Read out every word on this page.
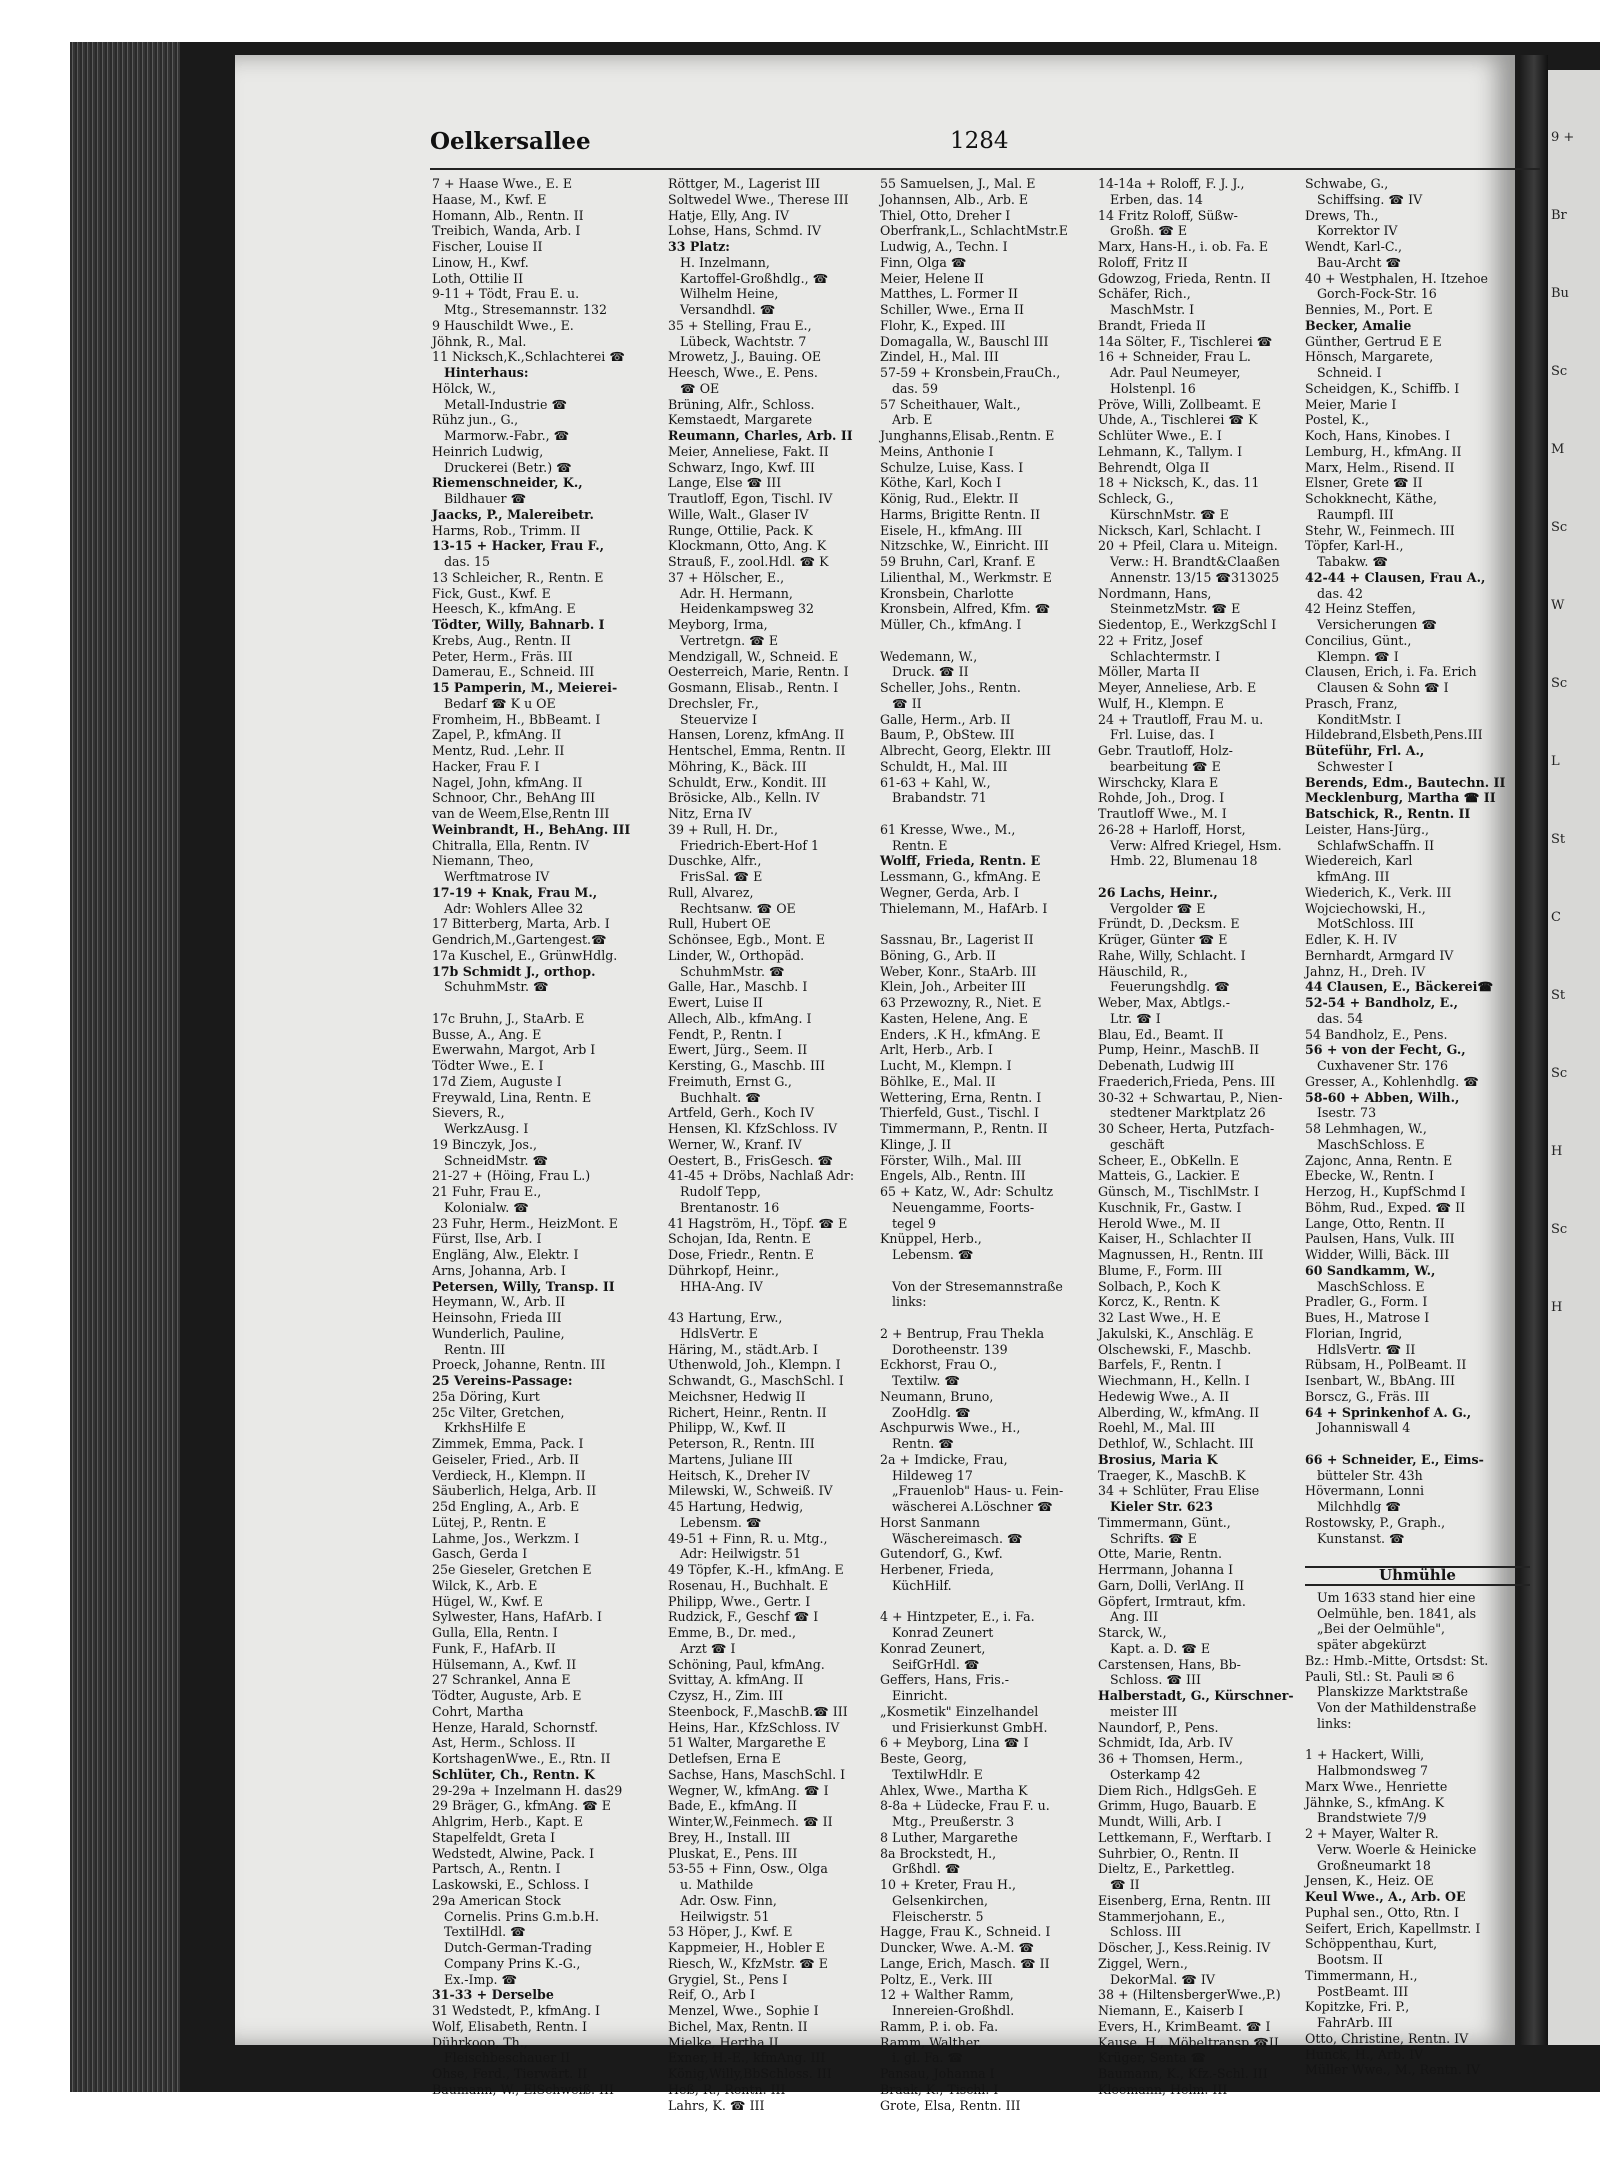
9 +
Br
Bu
Sc
M
Sc
W
Sc
L
St
C
St
Sc
H
Sc
H
Oelkersallee	1284
7 + Haase Wwe., E. E
Haase, M., Kwf. E
Homann, Alb., Rentn. II
Treibich, Wanda, Arb. I
Fischer, Louise II
Linow, H., Kwf.
Loth, Ottilie II
9-11 + Tödt, Frau E. u.
Mtg., Stresemannstr. 132
9 Hauschildt Wwe., E.
Jöhnk, R., Mal.
11 Nicksch,K.,Schlachterei ☎
Hinterhaus:
Hölck, W.,
Metall-Industrie ☎
Rühz jun., G.,
Marmorw.-Fabr., ☎
Heinrich Ludwig,
Druckerei (Betr.) ☎
Riemenschneider, K.,
Bildhauer ☎
Jaacks, P., Malereibetr.
Harms, Rob., Trimm. II
13-15 + Hacker, Frau F.,
das. 15
13 Schleicher, R., Rentn. E
Fick, Gust., Kwf. E
Heesch, K., kfmAng. E
Tödter, Willy, Bahnarb. I
Krebs, Aug., Rentn. II
Peter, Herm., Fräs. III
Damerau, E., Schneid. III
15 Pamperin, M., Meierei-
Bedarf ☎ K u OE
Fromheim, H., BbBeamt. I
Zapel, P., kfmAng. II
Mentz, Rud. ,Lehr. II
Hacker, Frau F. I
Nagel, John, kfmAng. II
Schnoor, Chr., BehAng III
van de Weem,Else,Rentn III
Weinbrandt, H., BehAng. III
Chitralla, Ella, Rentn. IV
Niemann, Theo,
Werftmatrose IV
17-19 + Knak, Frau M.,
Adr: Wohlers Allee 32
17 Bitterberg, Marta, Arb. I
Gendrich,M.,Gartengest.☎
17a Kuschel, E., GrünwHdlg.
17b Schmidt J., orthop.
SchuhmMstr. ☎

17c Bruhn, J., StaArb. E
Busse, A., Ang. E
Ewerwahn, Margot, Arb I
Tödter Wwe., E. I
17d Ziem, Auguste I
Freywald, Lina, Rentn. E
Sievers, R.,
WerkzAusg. I
19 Binczyk, Jos.,
SchneidMstr. ☎
21-27 + (Höing, Frau L.)
21 Fuhr, Frau E.,
Kolonialw. ☎
23 Fuhr, Herm., HeizMont. E
Fürst, Ilse, Arb. I
Engläng, Alw., Elektr. I
Arns, Johanna, Arb. I
Petersen, Willy, Transp. II
Heymann, W., Arb. II
Heinsohn, Frieda III
Wunderlich, Pauline,
Rentn. III
Proeck, Johanne, Rentn. III
25 Vereins-Passage:
25a Döring, Kurt
25c Vilter, Gretchen,
KrkhsHilfe E
Zimmek, Emma, Pack. I
Geiseler, Fried., Arb. II
Verdieck, H., Klempn. II
Säuberlich, Helga, Arb. II
25d Engling, A., Arb. E
Lütej, P., Rentn. E
Lahme, Jos., Werkzm. I
Gasch, Gerda I
25e Gieseler, Gretchen E
Wilck, K., Arb. E
Hügel, W., Kwf. E
Sylwester, Hans, HafArb. I
Gulla, Ella, Rentn. I
Funk, F., HafArb. II
Hülsemann, A., Kwf. II
27 Schrankel, Anna E
Tödter, Auguste, Arb. E
Cohrt, Martha
Henze, Harald, Schornstf.
Ast, Herm., Schloss. II
KortshagenWwe., E., Rtn. II
Schlüter, Ch., Rentn. K
29-29a + Inzelmann H. das29
29 Bräger, G., kfmAng. ☎ E
Ahlgrim, Herb., Kapt. E
Stapelfeldt, Greta I
Wedstedt, Alwine, Pack. I
Partsch, A., Rentn. I
Laskowski, E., Schloss. I
29a American Stock
Cornelis. Prins G.m.b.H.
TextilHdl. ☎
Dutch-German-Trading
Company Prins K.-G.,
Ex.-Imp. ☎
31-33 + Derselbe
31 Wedstedt, P., kfmAng. I
Wolf, Elisabeth, Rentn. I
Dührkoop, Th.,
Fleischbeschauer II
Ohse, Ferd., Tierwärt. II
Baumann, W., ElSchweiß. III
Röttger, M., Lagerist III
Soltwedel Wwe., Therese III
Hatje, Elly, Ang. IV
Lohse, Hans, Schmd. IV
33 Platz:
H. Inzelmann,
Kartoffel-Großhdlg., ☎
Wilhelm Heine,
Versandhdl. ☎
35 + Stelling, Frau E.,
Lübeck, Wachtstr. 7
Mrowetz, J., Bauing. OE
Heesch, Wwe., E. Pens.
☎ OE
Brüning, Alfr., Schloss.
Kemstaedt, Margarete
Reumann, Charles, Arb. II
Meier, Anneliese, Fakt. II
Schwarz, Ingo, Kwf. III
Lange, Else ☎ III
Trautloff, Egon, Tischl. IV
Wille, Walt., Glaser IV
Runge, Ottilie, Pack. K
Klockmann, Otto, Ang. K
Strauß, F., zool.Hdl. ☎ K
37 + Hölscher, E.,
Adr. H. Hermann,
Heidenkampsweg 32
Meyborg, Irma,
Vertretgn. ☎ E
Mendzigall, W., Schneid. E
Oesterreich, Marie, Rentn. I
Gosmann, Elisab., Rentn. I
Drechsler, Fr.,
Steuervize I
Hansen, Lorenz, kfmAng. II
Hentschel, Emma, Rentn. II
Möhring, K., Bäck. III
Schuldt, Erw., Kondit. III
Brösicke, Alb., Kelln. IV
Nitz, Erna IV
39 + Rull, H. Dr.,
Friedrich-Ebert-Hof 1
Duschke, Alfr.,
FrisSal. ☎ E
Rull, Alvarez,
Rechtsanw. ☎ OE
Rull, Hubert OE
Schönsee, Egb., Mont. E
Linder, W., Orthopäd.
SchuhmMstr. ☎
Galle, Har., Maschb. I
Ewert, Luise II
Allech, Alb., kfmAng. I
Fendt, P., Rentn. I
Ewert, Jürg., Seem. II
Kersting, G., Maschb. III
Freimuth, Ernst G.,
Buchhalt. ☎
Artfeld, Gerh., Koch IV
Hensen, Kl. KfzSchloss. IV
Werner, W., Kranf. IV
Oestert, B., FrisGesch. ☎
41-45 + Dröbs, Nachlaß Adr:
Rudolf Tepp,
Brentanostr. 16
41 Hagström, H., Töpf. ☎ E
Schojan, Ida, Rentn. E
Dose, Friedr., Rentn. E
Dührkopf, Heinr.,
HHA-Ang. IV

43 Hartung, Erw.,
HdlsVertr. E
Häring, M., städt.Arb. I
Uthenwold, Joh., Klempn. I
Schwandt, G., MaschSchl. I
Meichsner, Hedwig II
Richert, Heinr., Rentn. II
Philipp, W., Kwf. II
Peterson, R., Rentn. III
Martens, Juliane III
Heitsch, K., Dreher IV
Milewski, W., Schweiß. IV
45 Hartung, Hedwig,
Lebensm. ☎
49-51 + Finn, R. u. Mtg.,
Adr: Heilwigstr. 51
49 Töpfer, K.-H., kfmAng. E
Rosenau, H., Buchhalt. E
Philipp, Wwe., Gertr. I
Rudzick, F., Geschf ☎ I
Emme, B., Dr. med.,
Arzt ☎ I
Schöning, Paul, kfmAng.
Svittay, A. kfmAng. II
Czysz, H., Zim. III
Steenbock, F.,MaschB.☎ III
Heins, Har., KfzSchloss. IV
51 Walter, Margarethe E
Detlefsen, Erna E
Sachse, Hans, MaschSchl. I
Wegner, W., kfmAng. ☎ I
Bade, E., kfmAng. II
Winter,W.,Feinmech. ☎ II
Brey, H., Install. III
Pluskat, E., Pens. III
53-55 + Finn, Osw., Olga
u. Mathilde
Adr. Osw. Finn,
Heilwigstr. 51
53 Höper, J., Kwf. E
Kappmeier, H., Hobler E
Riesch, W., KfzMstr. ☎ E
Grygiel, St., Pens I
Reif, O., Arb I
Menzel, Wwe., Sophie I
Bichel, Max, Rentn. II
Mielke, Hertha II
Exner, H.-E., kfmAng. III
König,Willy,BbSchloss. III
Heß, R., Rentn. III
Lahrs, K. ☎ III
55 Samuelsen, J., Mal. E
Johannsen, Alb., Arb. E
Thiel, Otto, Dreher I
Oberfrank,L., SchlachtMstr.E
Ludwig, A., Techn. I
Finn, Olga ☎
Meier, Helene II
Matthes, L. Former II
Schiller, Wwe., Erna II
Flohr, K., Exped. III
Domagalla, W., Bauschl III
Zindel, H., Mal. III
57-59 + Kronsbein,FrauCh.,
das. 59
57 Scheithauer, Walt.,
Arb. E
Junghanns,Elisab.,Rentn. E
Meins, Anthonie I
Schulze, Luise, Kass. I
Köthe, Karl, Koch I
König, Rud., Elektr. II
Harms, Brigitte Rentn. II
Eisele, H., kfmAng. III
Nitzschke, W., Einricht. III
59 Bruhn, Carl, Kranf. E
Lilienthal, M., Werkmstr. E
Kronsbein, Charlotte
Kronsbein, Alfred, Kfm. ☎
Müller, Ch., kfmAng. I

Wedemann, W.,
Druck. ☎ II
Scheller, Johs., Rentn.
☎ II
Galle, Herm., Arb. II
Baum, P., ObStew. III
Albrecht, Georg, Elektr. III
Schuldt, H., Mal. III
61-63 + Kahl, W.,
Brabandstr. 71

61 Kresse, Wwe., M.,
Rentn. E
Wolff, Frieda, Rentn. E
Lessmann, G., kfmAng. E
Wegner, Gerda, Arb. I
Thielemann, M., HafArb. I

Sassnau, Br., Lagerist II
Böning, G., Arb. II
Weber, Konr., StaArb. III
Klein, Joh., Arbeiter III
63 Przewozny, R., Niet. E
Kasten, Helene, Ang. E
Enders, .K H., kfmAng. E
Arlt, Herb., Arb. I
Lucht, M., Klempn. I
Böhlke, E., Mal. II
Wettering, Erna, Rentn. I
Thierfeld, Gust., Tischl. I
Timmermann, P., Rentn. II
Klinge, J. II
Förster, Wilh., Mal. III
Engels, Alb., Rentn. III
65 + Katz, W., Adr: Schultz
Neuengamme, Foorts-
tegel 9
Knüppel, Herb.,
Lebensm. ☎

Von der Stresemannstraße
links:

2 + Bentrup, Frau Thekla
Dorotheenstr. 139
Eckhorst, Frau O.,
Textilw. ☎
Neumann, Bruno,
ZooHdlg. ☎
Aschpurwis Wwe., H.,
Rentn. ☎
2a + Imdicke, Frau,
Hildeweg 17
„Frauenlob" Haus- u. Fein-
wäscherei A.Löschner ☎
Horst Sanmann
Wäschereimasch. ☎
Gutendorf, G., Kwf.
Herbener, Frieda,
KüchHilf.

4 + Hintzpeter, E., i. Fa.
Konrad Zeunert
Konrad Zeunert,
SeifGrHdl. ☎
Geffers, Hans, Fris.-
Einricht.
„Kosmetik" Einzelhandel
und Frisierkunst GmbH.
6 + Meyborg, Lina ☎ I
Beste, Georg,
TextilwHdlr. E
Ahlex, Wwe., Martha K
8-8a + Lüdecke, Frau F. u.
Mtg., Preußerstr. 3
8 Luther, Margarethe
8a Brockstedt, H.,
Grßhdl. ☎
10 + Kreter, Frau H.,
Gelsenkirchen,
Fleischerstr. 5
Hagge, Frau K., Schneid. I
Duncker, Wwe. A.-M. ☎
Lange, Erich, Masch. ☎ II
Poltz, E., Verk. III
12 + Walther Ramm,
Innereien-Großhdl.
Ramm, P. i. ob. Fa.
Ramm, Walther,
i. gl. Fa. ☎
Pansau, Johanna I
Braak, K., Tischl. I
Grote, Elsa, Rentn. III
14-14a + Roloff, F. J. J.,
Erben, das. 14
14 Fritz Roloff, Süßw-
Großh. ☎ E
Marx, Hans-H., i. ob. Fa. E
Roloff, Fritz II
Gdowzog, Frieda, Rentn. II
Schäfer, Rich.,
MaschMstr. I
Brandt, Frieda II
14a Sölter, F., Tischlerei ☎
16 + Schneider, Frau L.
Adr. Paul Neumeyer,
Holstenpl. 16
Pröve, Willi, Zollbeamt. E
Uhde, A., Tischlerei ☎ K
Schlüter Wwe., E. I
Lehmann, K., Tallym. I
Behrendt, Olga II
18 + Nicksch, K., das. 11
Schleck, G.,
KürschnMstr. ☎ E
Nicksch, Karl, Schlacht. I
20 + Pfeil, Clara u. Miteign.
Verw.: H. Brandt&Claaßen
Annenstr. 13/15 ☎313025
Nordmann, Hans,
SteinmetzMstr. ☎ E
Siedentop, E., WerkzgSchl I
22 + Fritz, Josef
Schlachtermstr. I
Möller, Marta II
Meyer, Anneliese, Arb. E
Wulf, H., Klempn. E
24 + Trautloff, Frau M. u.
Frl. Luise, das. I
Gebr. Trautloff, Holz-
bearbeitung ☎ E
Wirschcky, Klara E
Rohde, Joh., Drog. I
Trautloff Wwe., M. I
26-28 + Harloff, Horst,
Verw: Alfred Kriegel, Hsm.
Hmb. 22, Blumenau 18

26 Lachs, Heinr.,
Vergolder ☎ E
Fründt, D. ,Decksm. E
Krüger, Günter ☎ E
Rahe, Willy, Schlacht. I
Häuschild, R.,
Feuerungshdlg. ☎
Weber, Max, Abtlgs.-
Ltr. ☎ I
Blau, Ed., Beamt. II
Pump, Heinr., MaschB. II
Debenath, Ludwig III
Fraederich,Frieda, Pens. III
30-32 + Schwartau, P., Nien-
stedtener Marktplatz 26
30 Scheer, Herta, Putzfach-
geschäft
Scheer, E., ObKelln. E
Matteis, G., Lackier. E
Günsch, M., TischlMstr. I
Kuschnik, Fr., Gastw. I
Herold Wwe., M. II
Kaiser, H., Schlachter II
Magnussen, H., Rentn. III
Blume, F., Form. III
Solbach, P., Koch K
Korcz, K., Rentn. K
32 Last Wwe., H. E
Jakulski, K., Anschläg. E
Olschewski, F., Maschb.
Barfels, F., Rentn. I
Wiechmann, H., Kelln. I
Hedewig Wwe., A. II
Alberding, W., kfmAng. II
Roehl, M., Mal. III
Dethlof, W., Schlacht. III
Brosius, Maria K
Traeger, K., MaschB. K
34 + Schlüter, Frau Elise
Kieler Str. 623
Timmermann, Günt.,
Schrifts. ☎ E
Otte, Marie, Rentn.
Herrmann, Johanna I
Garn, Dolli, VerlAng. II
Göpfert, Irmtraut, kfm.
Ang. III
Starck, W.,
Kapt. a. D. ☎ E
Carstensen, Hans, Bb-
Schloss. ☎ III
Halberstadt, G., Kürschner-
meister III
Naundorf, P., Pens.
Schmidt, Ida, Arb. IV
36 + Thomsen, Herm.,
Osterkamp 42
Diem Rich., HdlgsGeh. E
Grimm, Hugo, Bauarb. E
Mundt, Willi, Arb. I
Lettkemann, F., Werftarb. I
Suhrbier, O., Rentn. II
Dieltz, E., Parkettleg.
☎ II
Eisenberg, Erna, Rentn. III
Stammerjohann, E.,
Schloss. III
Döscher, J., Kess.Reinig. IV
Ziggel, Wern.,
DekorMal. ☎ IV
38 + (HiltensbergerWwe.,P.)
Niemann, E., Kaiserb I
Evers, H., KrimBeamt. ☎ I
Kause, H., Möbeltransp.☎II
Krüger, Senta ☎
Baumann, K., Kfz.-Schl. III
Kleemann, Helm. III
Schwabe, G.,
Schiffsing. ☎ IV
Drews, Th.,
Korrektor IV
Wendt, Karl-C.,
Bau-Archt ☎
40 + Westphalen, H. Itzehoe
Gorch-Fock-Str. 16
Bennies, M., Port. E
Becker, Amalie
Günther, Gertrud E E
Hönsch, Margarete,
Schneid. I
Scheidgen, K., Schiffb. I
Meier, Marie I
Postel, K.,
Koch, Hans, Kinobes. I
Lemburg, H., kfmAng. II
Marx, Helm., Risend. II
Elsner, Grete ☎ II
Schokknecht, Käthe,
Raumpfl. III
Stehr, W., Feinmech. III
Töpfer, Karl-H.,
Tabakw. ☎
42-44 + Clausen, Frau A.,
das. 42
42 Heinz Steffen,
Versicherungen ☎
Concilius, Günt.,
Klempn. ☎ I
Clausen, Erich, i. Fa. Erich
Clausen & Sohn ☎ I
Prasch, Franz,
KonditMstr. I
Hildebrand,Elsbeth,Pens.III
Büteführ, Frl. A.,
Schwester I
Berends, Edm., Bautechn. II
Mecklenburg, Martha ☎ II
Batschick, R., Rentn. II
Leister, Hans-Jürg.,
SchlafwSchaffn. II
Wiedereich, Karl
kfmAng. III
Wiederich, K., Verk. III
Wojciechowski, H.,
MotSchloss. III
Edler, K. H. IV
Bernhardt, Armgard IV
Jahnz, H., Dreh. IV
44 Clausen, E., Bäckerei☎
52-54 + Bandholz, E.,
das. 54
54 Bandholz, E., Pens.
56 + von der Fecht, G.,
Cuxhavener Str. 176
Gresser, A., Kohlenhdlg. ☎
58-60 + Abben, Wilh.,
Isestr. 73
58 Lehmhagen, W.,
MaschSchloss. E
Zajonc, Anna, Rentn. E
Ebecke, W., Rentn. I
Herzog, H., KupfSchmd I
Böhm, Rud., Exped. ☎ II
Lange, Otto, Rentn. II
Paulsen, Hans, Vulk. III
Widder, Willi, Bäck. III
60 Sandkamm, W.,
MaschSchloss. E
Pradler, G., Form. I
Bues, H., Matrose I
Florian, Ingrid,
HdlsVertr. ☎ II
Rübsam, H., PolBeamt. II
Isenbart, W., BbAng. III
Borscz, G., Fräs. III
64 + Sprinkenhof A. G.,
Johanniswall 4

66 + Schneider, E., Eims-
bütteler Str. 43h
Hövermann, Lonni
Milchhdlg ☎
Rostowsky, P., Graph.,
Kunstanst. ☎

Uhmühle
Um 1633 stand hier eine
Oelmühle, ben. 1841, als
„Bei der Oelmühle",
später abgekürzt
Bz.: Hmb.-Mitte, Ortsdst: St.
Pauli, Stl.: St. Pauli ✉ 6
Planskizze Marktstraße
Von der Mathildenstraße
links:

1 + Hackert, Willi,
Halbmondsweg 7
Marx Wwe., Henriette
Jähnke, S., kfmAng. K
Brandstwiete 7/9
2 + Mayer, Walter R.
Verw. Woerle & Heinicke
Großneumarkt 18
Jensen, K., Heiz. OE
Keul Wwe., A., Arb. OE
Puphal sen., Otto, Rtn. I
Seifert, Erich, Kapellmstr. I
Schöppenthau, Kurt,
Bootsm. II
Timmermann, H.,
PostBeamt. III
Kopitzke, Fri. P.,
FahrArb. III
Otto, Christine, Rentn. IV
Hunck, H., Arb. IV
Müller Wwe., M., Rentn. IV
